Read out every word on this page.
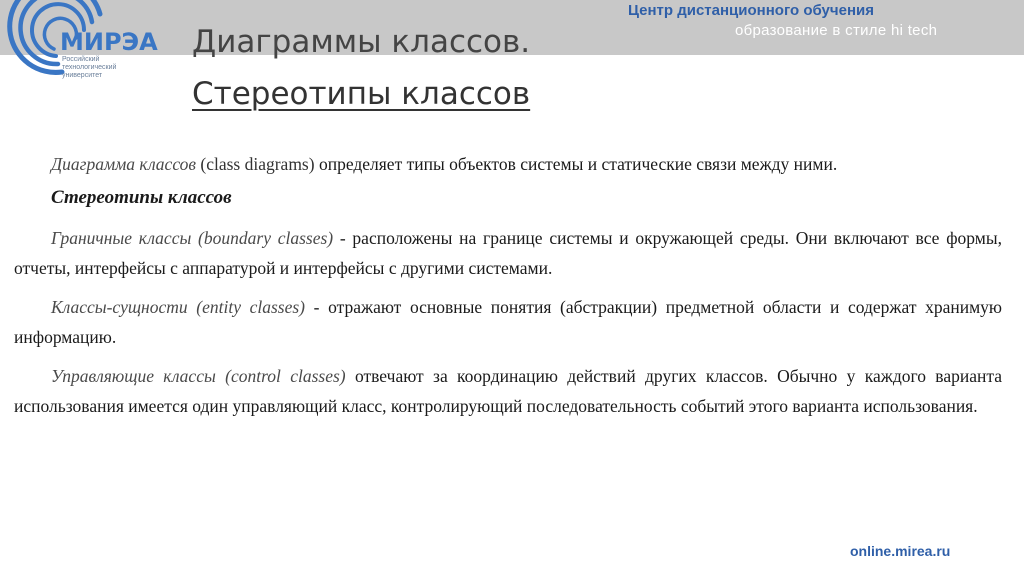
МИРЭА
Российский
технологический
университет
Центр дистанционного обучения
образование в стиле hi tech
Диаграммы классов.
Стереотипы классов

Диаграмма классов (class diagrams) определяет типы объектов системы и статические связи между ними.

Стереотипы классов

Граничные классы (boundary classes) - расположены на границе системы и окружающей среды. Они включают все формы, отчеты, интерфейсы с аппаратурой и интерфейсы с другими системами.

Классы-сущности (entity classes) - отражают основные понятия (абстракции) предметной области и содержат хранимую информацию.

Управляющие классы (control classes) отвечают за координацию действий других классов. Обычно у каждого варианта использования имеется один управляющий класс, контролирующий последовательность событий этого варианта использования.

online.mirea.ru
